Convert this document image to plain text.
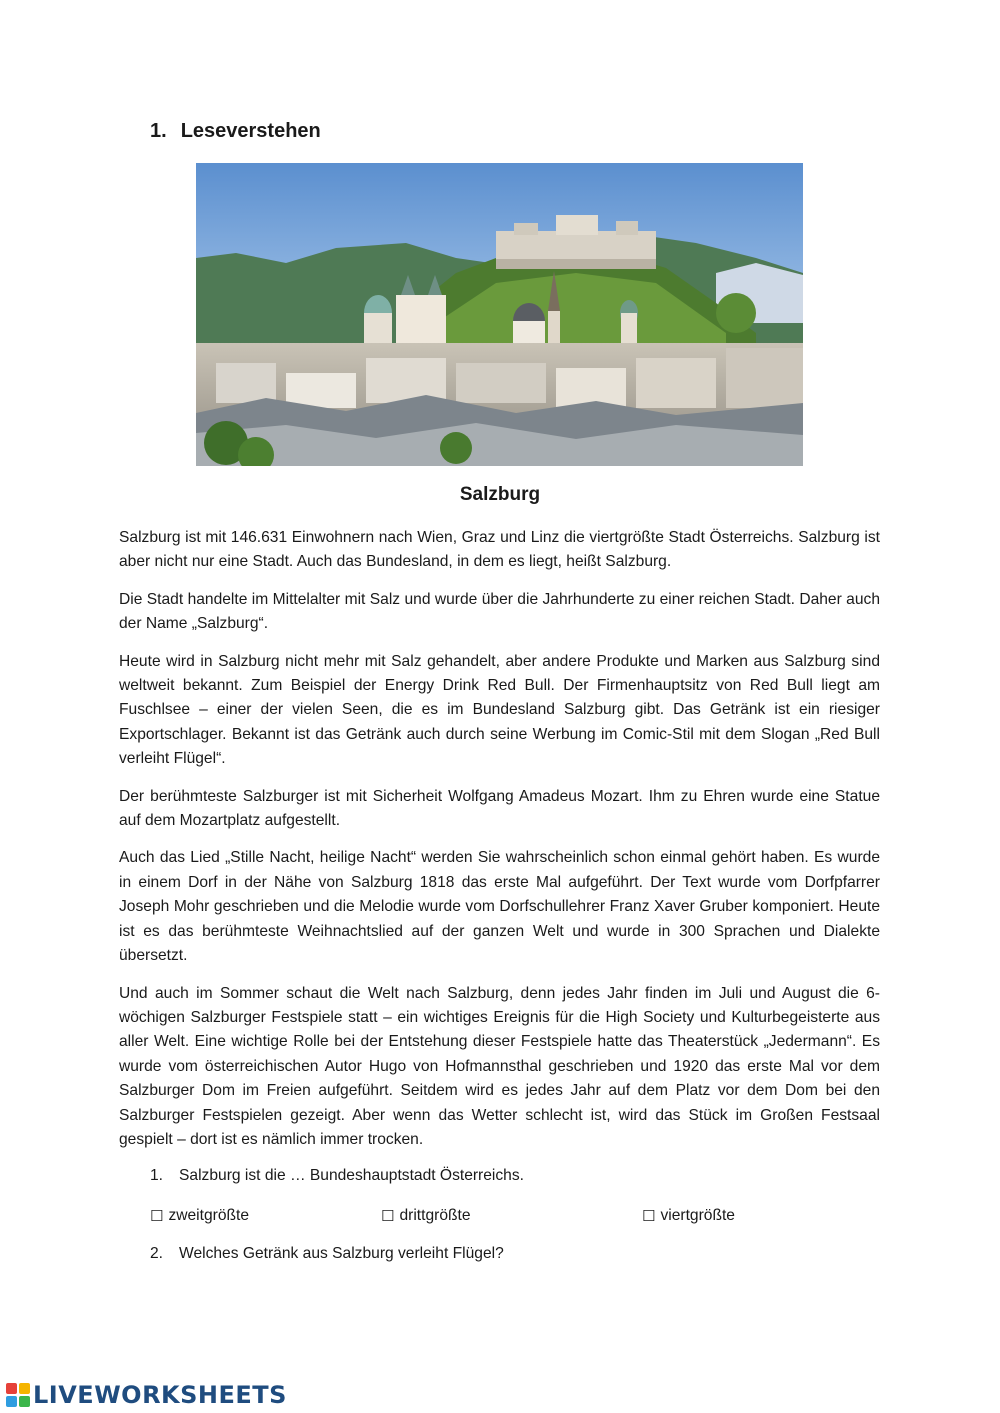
1. Leseverstehen
Salzburg

Salzburg ist mit 146.631 Einwohnern nach Wien, Graz und Linz die viertgrößte Stadt Österreichs. Salzburg ist aber nicht nur eine Stadt. Auch das Bundesland, in dem es liegt, heißt Salzburg.

Die Stadt handelte im Mittelalter mit Salz und wurde über die Jahrhunderte zu einer reichen Stadt. Daher auch der Name „Salzburg“.

Heute wird in Salzburg nicht mehr mit Salz gehandelt, aber andere Produkte und Marken aus Salzburg sind weltweit bekannt. Zum Beispiel der Energy Drink Red Bull. Der Firmenhauptsitz von Red Bull liegt am Fuschlsee – einer der vielen Seen, die es im Bundesland Salzburg gibt. Das Getränk ist ein riesiger Exportschlager. Bekannt ist das Getränk auch durch seine Werbung im Comic-Stil mit dem Slogan „Red Bull verleiht Flügel“.

Der berühmteste Salzburger ist mit Sicherheit Wolfgang Amadeus Mozart. Ihm zu Ehren wurde eine Statue auf dem Mozartplatz aufgestellt.

Auch das Lied „Stille Nacht, heilige Nacht“ werden Sie wahrscheinlich schon einmal gehört haben. Es wurde in einem Dorf in der Nähe von Salzburg 1818 das erste Mal aufgeführt. Der Text wurde vom Dorfpfarrer Joseph Mohr geschrieben und die Melodie wurde vom Dorfschullehrer Franz Xaver Gruber komponiert. Heute ist es das berühmteste Weihnachtslied auf der ganzen Welt und wurde in 300 Sprachen und Dialekte übersetzt.

Und auch im Sommer schaut die Welt nach Salzburg, denn jedes Jahr finden im Juli und August die 6-wöchigen Salzburger Festspiele statt – ein wichtiges Ereignis für die High Society und Kulturbegeisterte aus aller Welt. Eine wichtige Rolle bei der Entstehung dieser Festspiele hatte das Theaterstück „Jedermann“. Es wurde vom österreichischen Autor Hugo von Hofmannsthal geschrieben und 1920 das erste Mal vor dem Salzburger Dom im Freien aufgeführt. Seitdem wird es jedes Jahr auf dem Platz vor dem Dom bei den Salzburger Festspielen gezeigt. Aber wenn das Wetter schlecht ist, wird das Stück im Großen Festsaal gespielt – dort ist es nämlich immer trocken.

1. Salzburg ist die … Bundeshauptstadt Österreichs.
☐ zweitgrößte	☐ drittgrößte	☐ viertgrößte
2. Welches Getränk aus Salzburg verleiht Flügel?
LIVEWORKSHEETS
